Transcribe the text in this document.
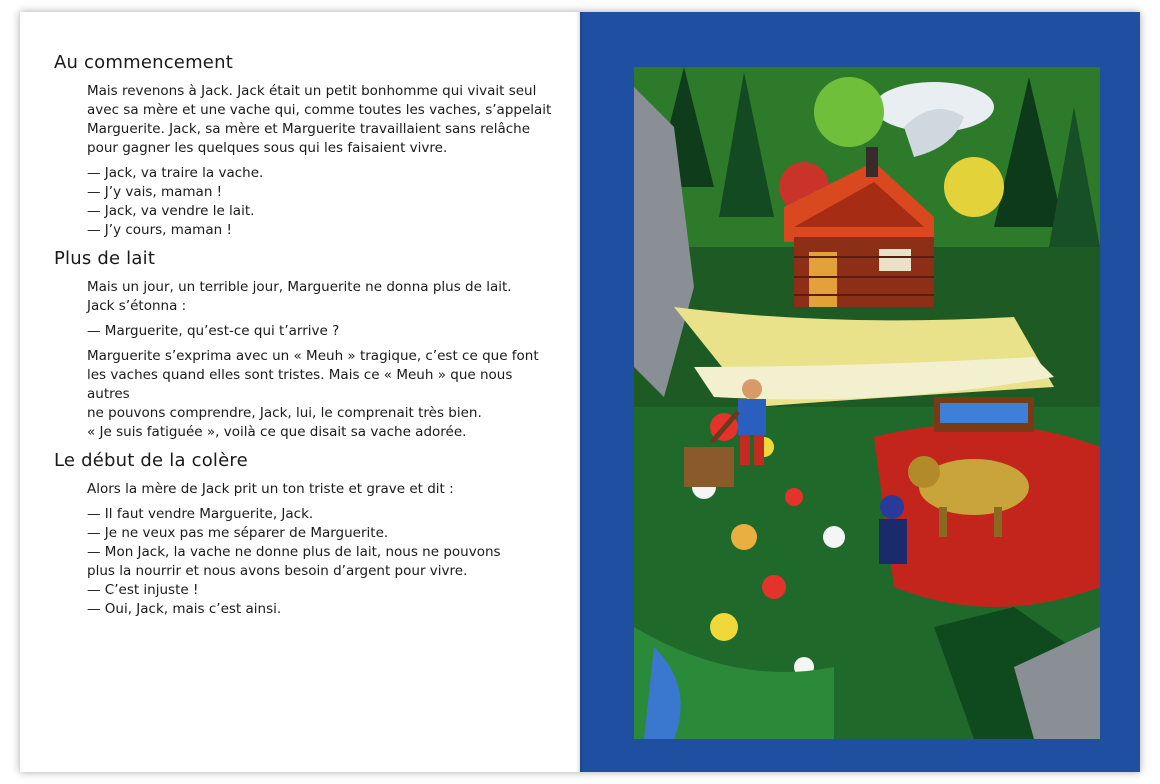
Au commencement

Mais revenons à Jack. Jack était un petit bonhomme qui vivait seul
avec sa mère et une vache qui, comme toutes les vaches, s’appelait
Marguerite. Jack, sa mère et Marguerite travaillaient sans relâche
pour gagner les quelques sous qui les faisaient vivre.

— Jack, va traire la vache.
— J’y vais, maman !
— Jack, va vendre le lait.
— J’y cours, maman !
Plus de lait

Mais un jour, un terrible jour, Marguerite ne donna plus de lait.
Jack s’étonna :

— Marguerite, qu’est-ce qui t’arrive ?

Marguerite s’exprima avec un « Meuh » tragique, c’est ce que font
les vaches quand elles sont tristes. Mais ce « Meuh » que nous autres
ne pouvons comprendre, Jack, lui, le comprenait très bien.
« Je suis fatiguée », voilà ce que disait sa vache adorée.

Le début de la colère

Alors la mère de Jack prit un ton triste et grave et dit :

— Il faut vendre Marguerite, Jack.
— Je ne veux pas me séparer de Marguerite.
— Mon Jack, la vache ne donne plus de lait, nous ne pouvons
plus la nourrir et nous avons besoin d’argent pour vivre.
— C’est injuste !
— Oui, Jack, mais c’est ainsi.
